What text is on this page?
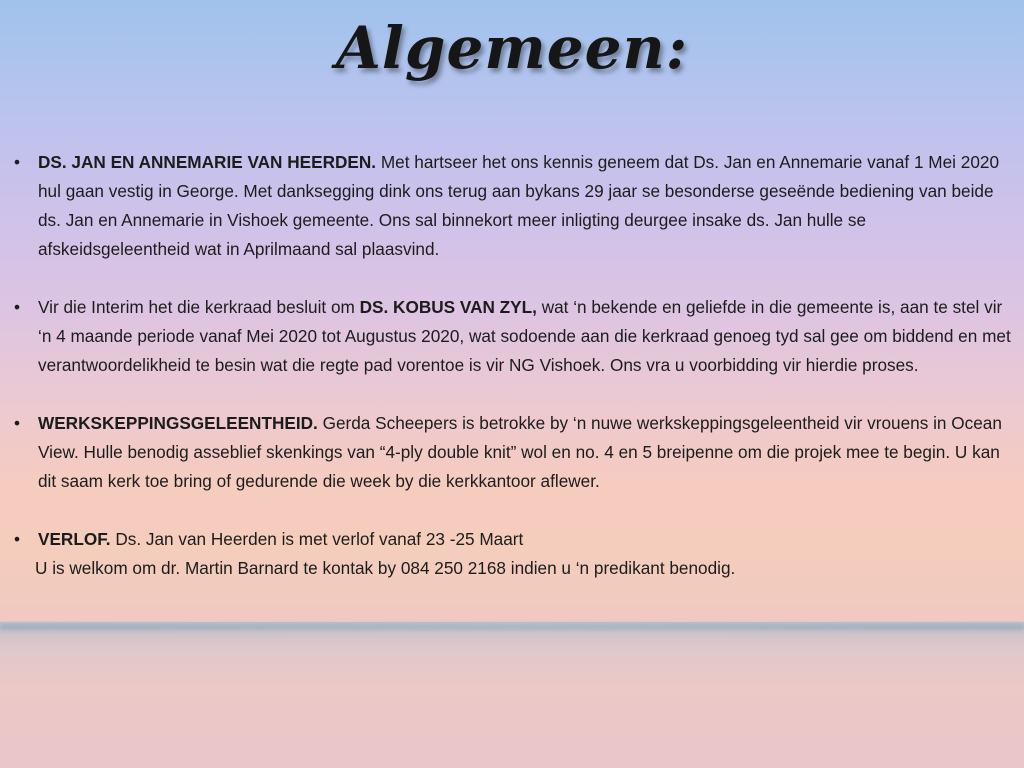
Algemeen:
• DS. JAN EN ANNEMARIE VAN HEERDEN. Met hartseer het ons kennis geneem dat Ds. Jan en Annemarie vanaf 1 Mei 2020 hul gaan vestig in George. Met danksegging dink ons terug aan bykans 29 jaar se besonderse geseënde bediening van beide ds. Jan en Annemarie in Vishoek gemeente. Ons sal binnekort meer inligting deurgee insake ds. Jan hulle se afskeidsgeleentheid wat in Aprilmaand sal plaasvind.
• Vir die Interim het die kerkraad besluit om DS. KOBUS VAN ZYL, wat ‘n bekende en geliefde in die gemeente is, aan te stel vir ‘n 4 maande periode vanaf Mei 2020 tot Augustus 2020, wat sodoende aan die kerkraad genoeg tyd sal gee om biddend en met verantwoordelikheid te besin wat die regte pad vorentoe is vir NG Vishoek. Ons vra u voorbidding vir hierdie proses.
• WERKSKEPPINGSGELEENTHEID. Gerda Scheepers is betrokke by ‘n nuwe werkskeppingsgeleentheid vir vrouens in Ocean View. Hulle benodig asseblief skenkings van “4-ply double knit” wol en no. 4 en 5 breipenne om die projek mee te begin. U kan dit saam kerk toe bring of gedurende die week by die kerkkantoor aflewer.
• VERLOF. Ds. Jan van Heerden is met verlof vanaf 23 -25 Maart
U is welkom om dr. Martin Barnard te kontak by 084 250 2168 indien u ‘n predikant benodig.
